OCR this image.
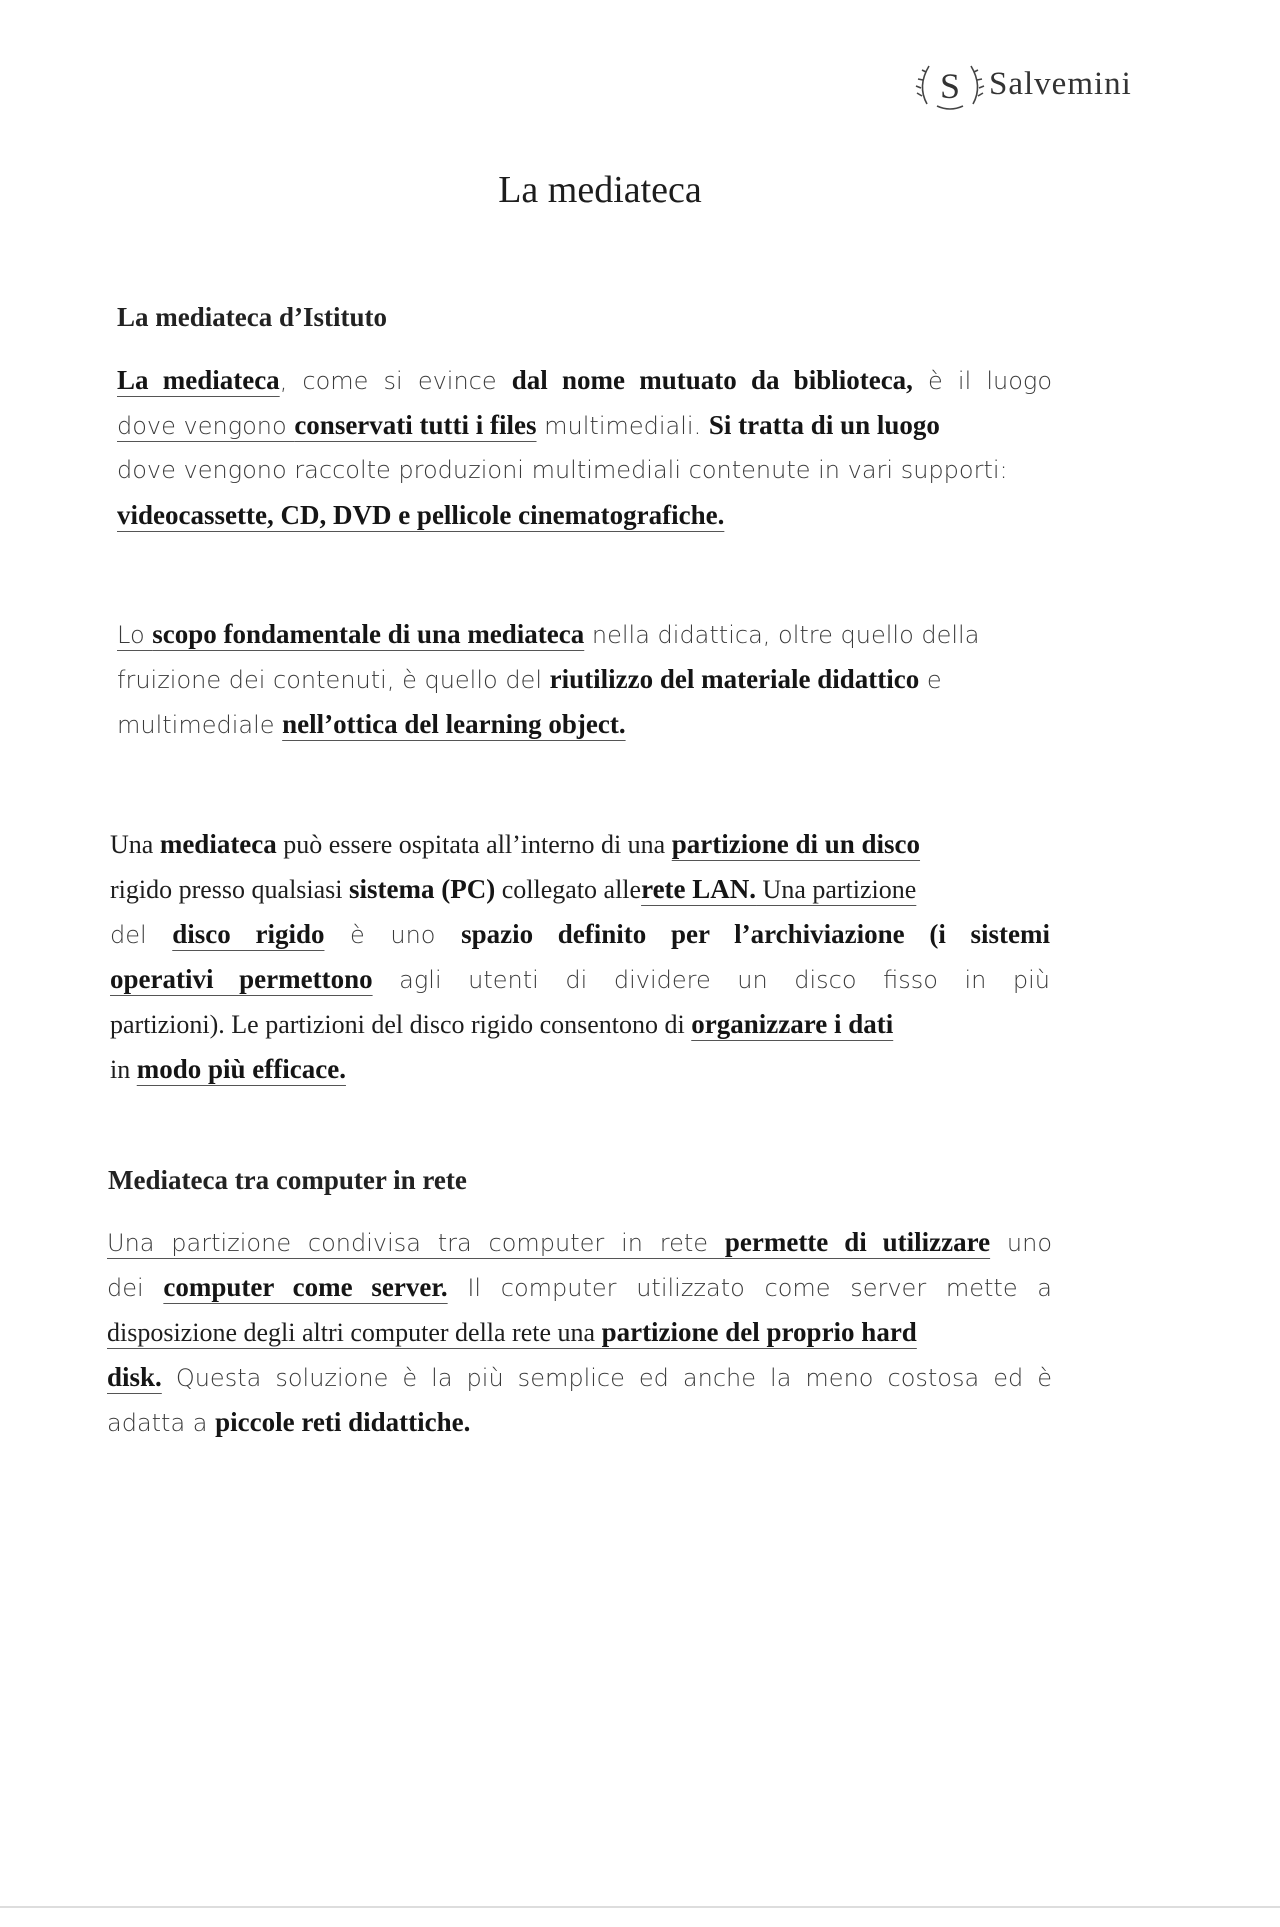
S Salvemini
La mediateca
La mediateca d’Istituto
La mediateca, come si evince dal nome mutuato da biblioteca, è il luogo
dove vengono conservati tutti i files multimediali. Si tratta di un luogo
dove vengono raccolte produzioni multimediali contenute in vari supporti:
videocassette, CD, DVD e pellicole cinematografiche.
Lo scopo fondamentale di una mediateca nella didattica, oltre quello della
fruizione dei contenuti, è quello del riutilizzo del materiale didattico e
multimediale nell’ottica del learning object.
Una mediateca può essere ospitata all’interno di una partizione di un disco
rigido presso qualsiasi sistema (PC) collegato allerete LAN. Una partizione
del disco rigido è uno spazio definito per l’archiviazione (i sistemi
operativi permettono agli utenti di dividere un disco fisso in più
partizioni). Le partizioni del disco rigido consentono di organizzare i dati
in modo più efficace.
Mediateca tra computer in rete
Una partizione condivisa tra computer in rete permette di utilizzare uno
dei computer come server. Il computer utilizzato come server mette a
disposizione degli altri computer della rete una partizione del proprio hard
disk. Questa soluzione è la più semplice ed anche la meno costosa ed è
adatta a piccole reti didattiche.
